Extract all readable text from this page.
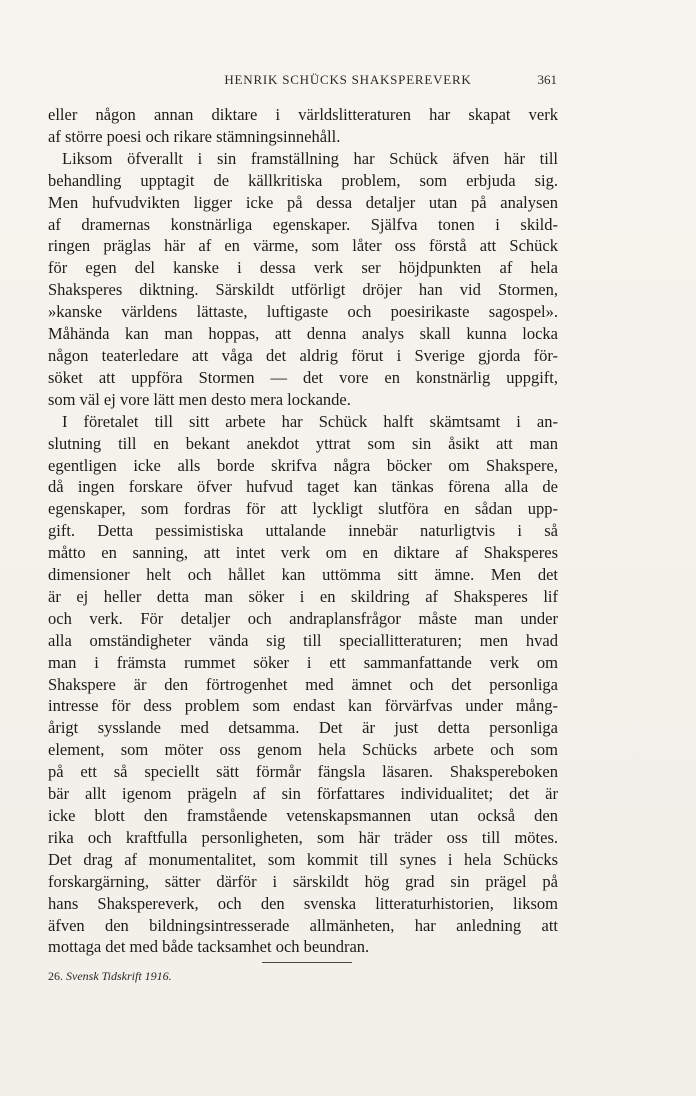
HENRIK SCHÜCKS SHAKSPEREVERK	361
eller någon annan diktare i världslitteraturen har skapat verk
af större poesi och rikare stämningsinnehåll.
Liksom öfverallt i sin framställning har Schück äfven här till
behandling upptagit de källkritiska problem, som erbjuda sig.
Men hufvudvikten ligger icke på dessa detaljer utan på analysen
af dramernas konstnärliga egenskaper. Själfva tonen i skild-
ringen präglas här af en värme, som låter oss förstå att Schück
för egen del kanske i dessa verk ser höjdpunkten af hela
Shaksperes diktning. Särskildt utförligt dröjer han vid Stormen,
»kanske världens lättaste, luftigaste och poesirikaste sagospel».
Måhända kan man hoppas, att denna analys skall kunna locka
någon teaterledare att våga det aldrig förut i Sverige gjorda för-
söket att uppföra Stormen — det vore en konstnärlig uppgift,
som väl ej vore lätt men desto mera lockande.
I företalet till sitt arbete har Schück halft skämtsamt i an-
slutning till en bekant anekdot yttrat som sin åsikt att man
egentligen icke alls borde skrifva några böcker om Shakspere,
då ingen forskare öfver hufvud taget kan tänkas förena alla de
egenskaper, som fordras för att lyckligt slutföra en sådan upp-
gift. Detta pessimistiska uttalande innebär naturligtvis i så
måtto en sanning, att intet verk om en diktare af Shaksperes
dimensioner helt och hållet kan uttömma sitt ämne. Men det
är ej heller detta man söker i en skildring af Shaksperes lif
och verk. För detaljer och andraplansfrågor måste man under
alla omständigheter vända sig till speciallitteraturen; men hvad
man i främsta rummet söker i ett sammanfattande verk om
Shakspere är den förtrogenhet med ämnet och det personliga
intresse för dess problem som endast kan förvärfvas under mång-
årigt sysslande med detsamma. Det är just detta personliga
element, som möter oss genom hela Schücks arbete och som
på ett så speciellt sätt förmår fängsla läsaren. Shakspereboken
bär allt igenom prägeln af sin författares individualitet; det är
icke blott den framstående vetenskapsmannen utan också den
rika och kraftfulla personligheten, som här träder oss till mötes.
Det drag af monumentalitet, som kommit till synes i hela Schücks
forskargärning, sätter därför i särskildt hög grad sin prägel på
hans Shakspereverk, och den svenska litteraturhistorien, liksom
äfven den bildningsintresserade allmänheten, har anledning att
mottaga det med både tacksamhet och beundran.
26. Svensk Tidskrift 1916.
